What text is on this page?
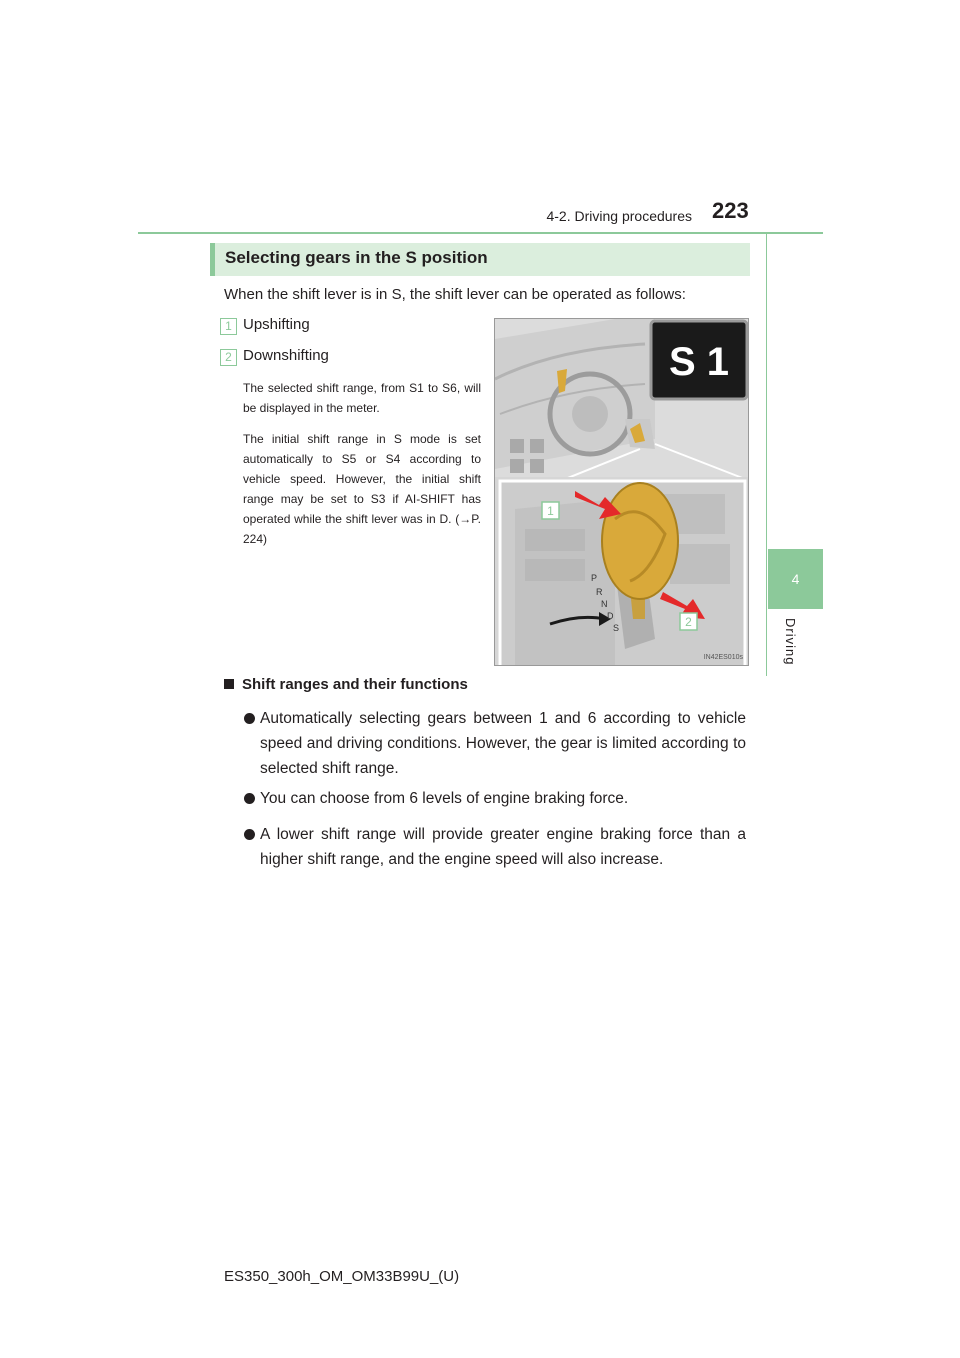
4-2. Driving procedures 223
4
Driving
Selecting gears in the S position
When the shift lever is in S, the shift lever can be operated as follows:
1 Upshifting
2 Downshifting
The selected shift range, from S1 to S6, will be displayed in the meter.
The initial shift range in S mode is set automatically to S5 or S4 according to vehicle speed. However, the initial shift range may be set to S3 if AI-SHIFT has operated while the shift lever was in D. (→P. 224)
S 1
P
R
N
D
S
1
2
IN42ES010s
Shift ranges and their functions
Automatically selecting gears between 1 and 6 according to vehicle speed and driving conditions. However, the gear is limited according to selected shift range.
You can choose from 6 levels of engine braking force.
A lower shift range will provide greater engine braking force than a higher shift range, and the engine speed will also increase.
ES350_300h_OM_OM33B99U_(U)
